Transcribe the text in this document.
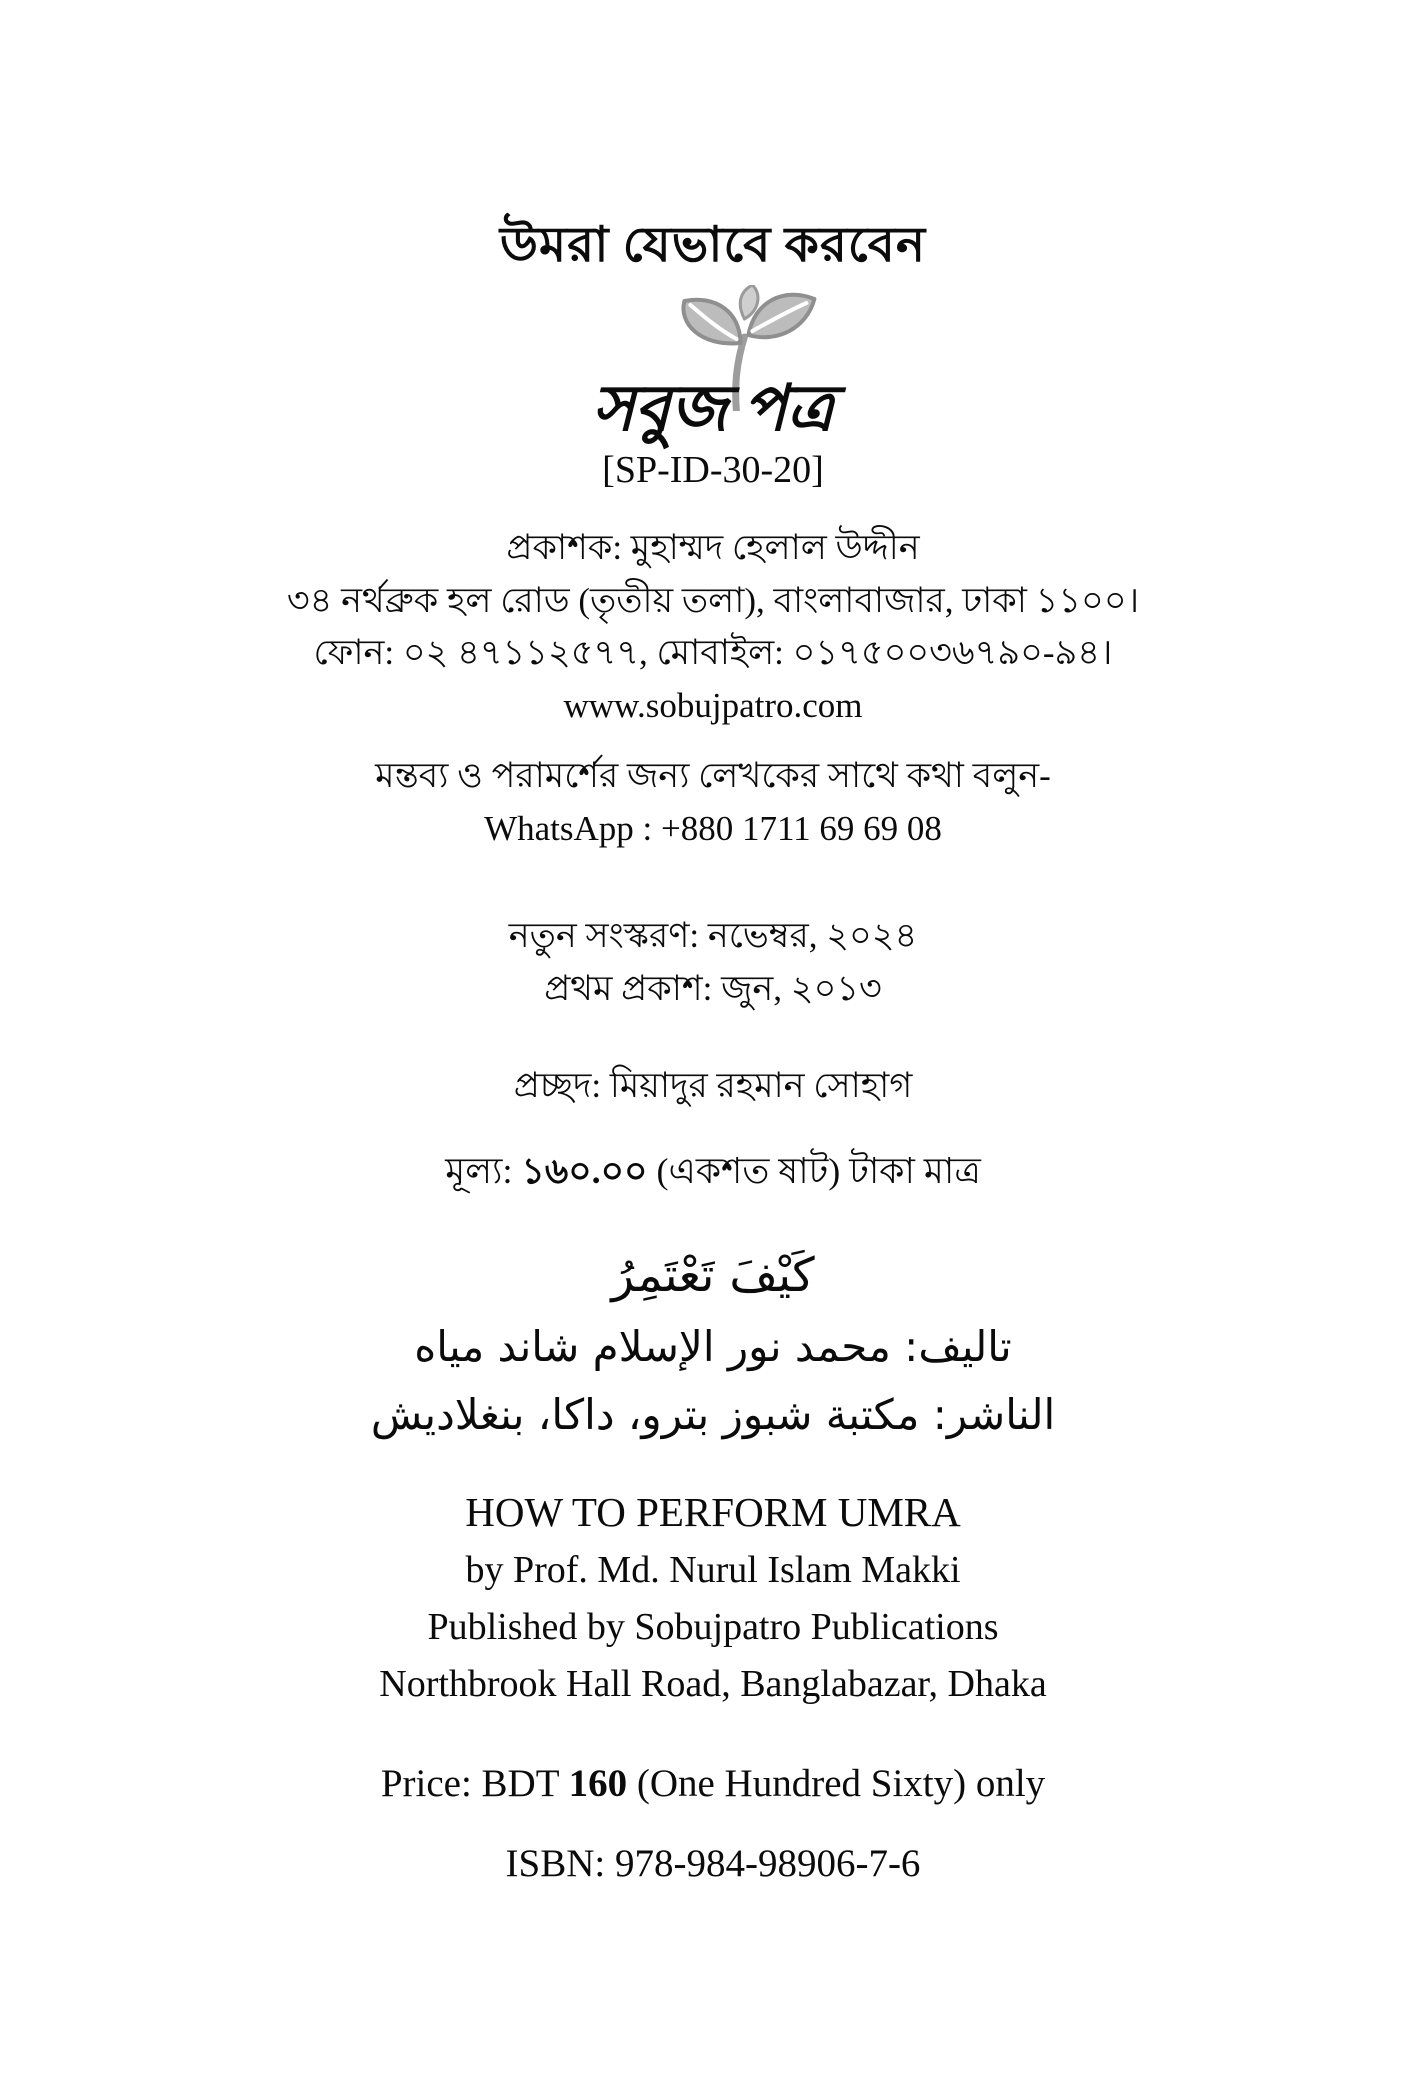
উমরা যেভাবে করবেন
সবুজ পত্র
[SP-ID-30-20]
প্রকাশক: মুহাম্মদ হেলাল উদ্দীন
৩৪ নর্থব্রুক হল রোড (তৃতীয় তলা), বাংলাবাজার, ঢাকা ১১০০।
ফোন: ০২ ৪৭১১২৫৭৭, মোবাইল: ০১৭৫০০৩৬৭৯০-৯৪।
www.sobujpatro.com
মন্তব্য ও পরামর্শের জন্য লেখকের সাথে কথা বলুন-
WhatsApp : +880 1711 69 69 08
নতুন সংস্করণ: নভেম্বর, ২০২৪
প্রথম প্রকাশ: জুন, ২০১৩
প্রচ্ছদ: মিয়াদুর রহমান সোহাগ
মূল্য: ১৬০.০০ (একশত ষাট) টাকা মাত্র
كَيْفَ تَعْتَمِرُ
تاليف: محمد نور الإسلام شاند مياه
الناشر: مكتبة شبوز بترو، داكا، بنغلاديش
HOW TO PERFORM UMRA
by Prof. Md. Nurul Islam Makki
Published by Sobujpatro Publications
Northbrook Hall Road, Banglabazar, Dhaka
Price: BDT 160 (One Hundred Sixty) only
ISBN: 978-984-98906-7-6
